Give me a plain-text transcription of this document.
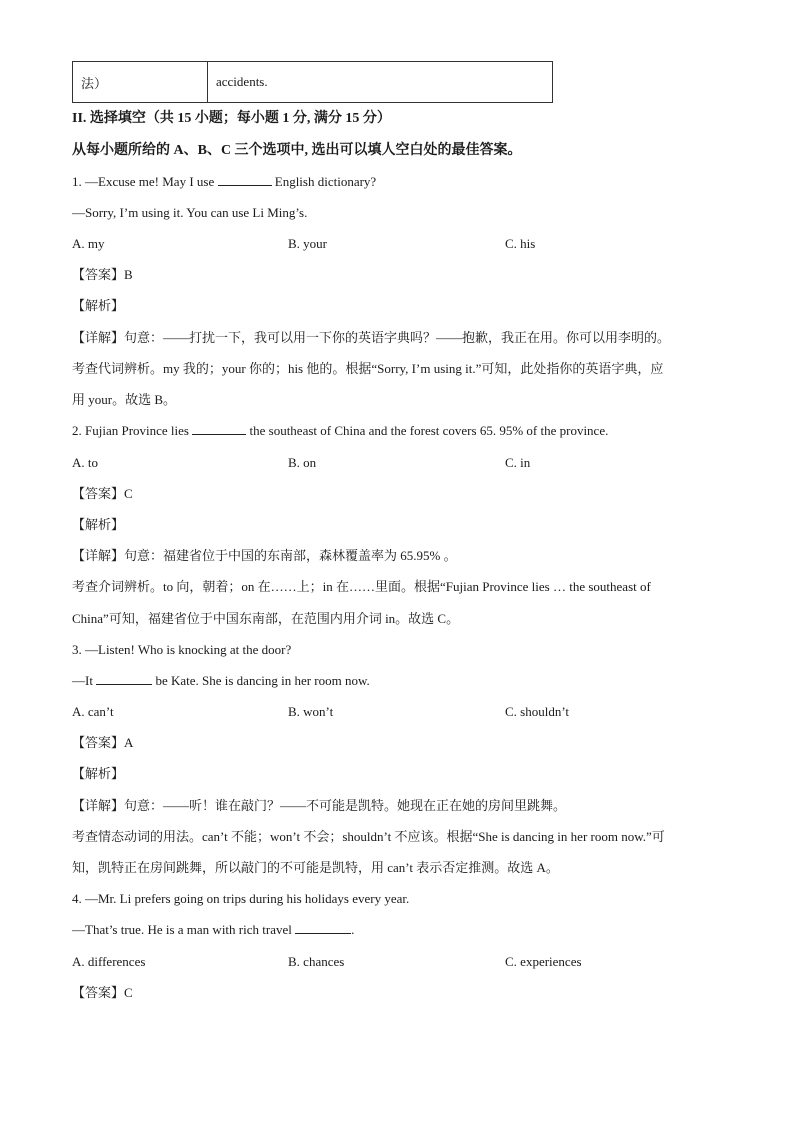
法）	accidents.
II. 选择填空（共 15 小题；每小题 1 分, 满分 15 分）
从每小题所给的 A、B、C 三个选项中, 选出可以填人空白处的最佳答案。
1. —Excuse me! May I use	English dictionary?
—Sorry, I’m using it. You can use Li Ming’s.
A. my	B. your	C. his
【答案】B
【解析】
【详解】句意：——打扰一下，我可以用一下你的英语字典吗？——抱歉，我正在用。你可以用李明的。
考查代词辨析。my 我的；your 你的；his 他的。根据“Sorry, I’m using it.”可知，此处指你的英语字典，应
用 your。故选 B。
2. Fujian Province lies	the southeast of China and the forest covers 65. 95% of the province.
A. to	B. on	C. in
【答案】C
【解析】
【详解】句意：福建省位于中国的东南部，森林覆盖率为 65.95% 。
考查介词辨析。to 向，朝着；on 在……上；in 在……里面。根据“Fujian Province lies … the southeast of
China”可知，福建省位于中国东南部，在范围内用介词 in。故选 C。
3. —Listen! Who is knocking at the door?
—It	be Kate. She is dancing in her room now.
A. can’t	B. won’t	C. shouldn’t
【答案】A
【解析】
【详解】句意：——听！谁在敲门？——不可能是凯特。她现在正在她的房间里跳舞。
考查情态动词的用法。can’t 不能；won’t 不会；shouldn’t 不应该。根据“She is dancing in her room now.”可
知，凯特正在房间跳舞，所以敲门的不可能是凯特，用 can’t 表示否定推测。故选 A。
4. —Mr. Li prefers going on trips during his holidays every year.
—That’s true. He is a man with rich travel	.
A. differences	B. chances	C. experiences
【答案】C
